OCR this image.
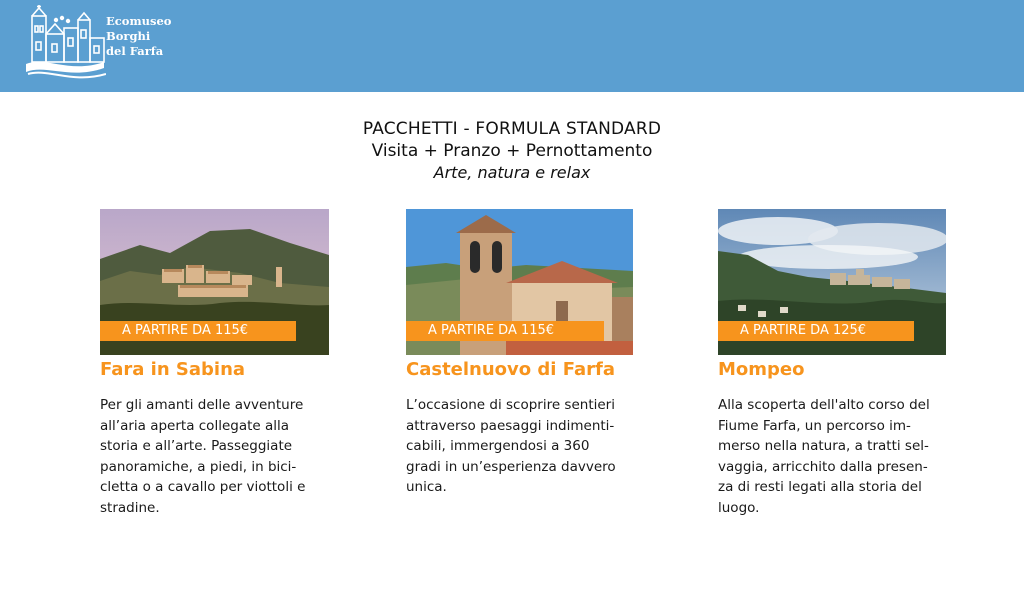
Ecomuseo
Borghi
del Farfa
PACCHETTI - FORMULA STANDARD
Visita + Pranzo + Pernottamento
Arte, natura e relax
A PARTIRE DA 115€
Fara in Sabina
Per gli amanti delle avventure
all’aria aperta collegate alla
storia e all’arte. Passeggiate
panoramiche, a piedi, in bici-
cletta o a cavallo per viottoli e
stradine.
A PARTIRE DA 115€
Castelnuovo di Farfa
L’occasione di scoprire sentieri
attraverso paesaggi indimenti-
cabili, immergendosi a 360
gradi in un’esperienza davvero
unica.
A PARTIRE DA 125€
Mompeo
Alla scoperta dell'alto corso del
Fiume Farfa, un percorso im-
merso nella natura, a tratti sel-
vaggia, arricchito dalla presen-
za di resti legati alla storia del
luogo.
